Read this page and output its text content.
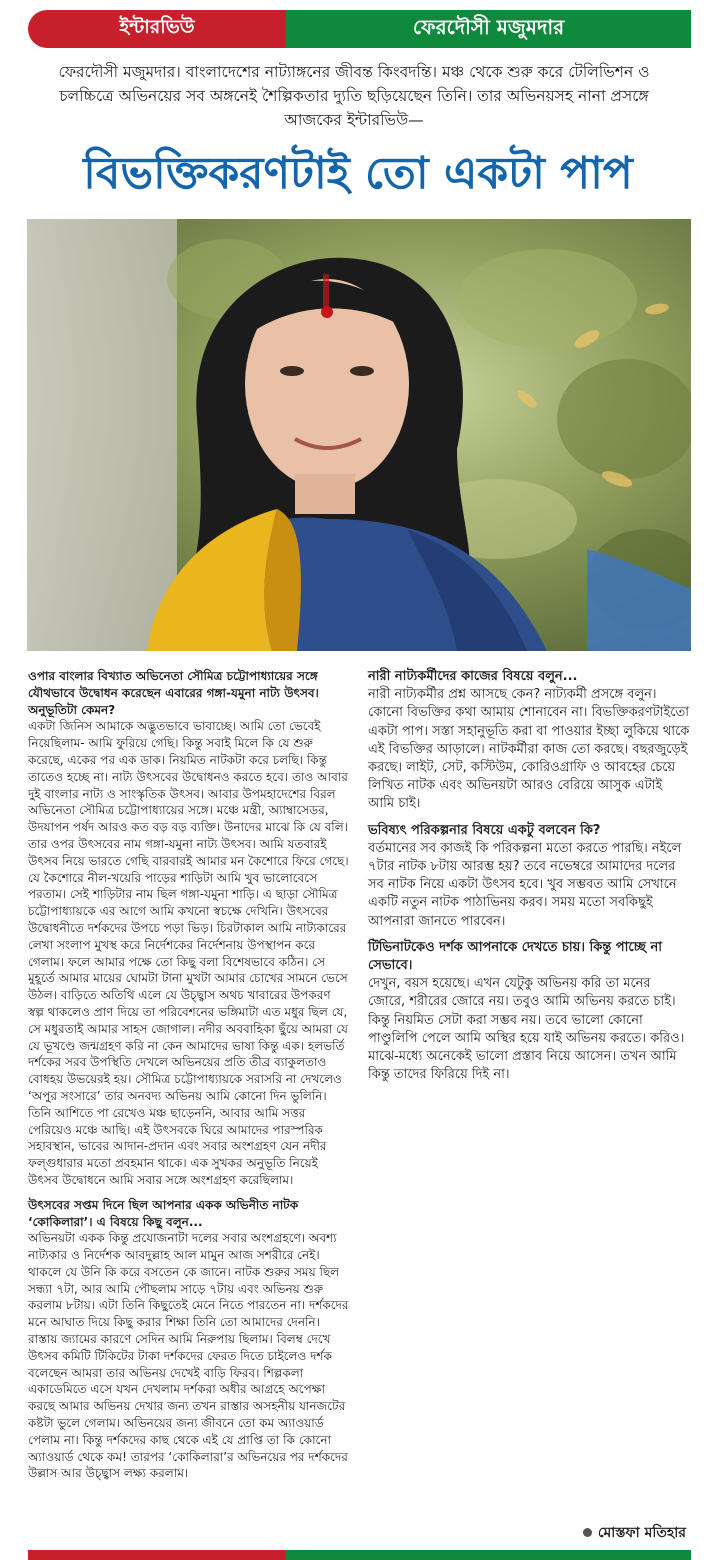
ইন্টারভিউ	ফেরদৌসী মজুমদার
ফেরদৌসী মজুমদার। বাংলাদেশের নাট্যাঙ্গনের জীবন্ত কিংবদন্তি। মঞ্চ থেকে শুরু করে টেলিভিশন ও চলচ্চিত্রে অভিনয়ের সব অঙ্গনেই শৈল্পিকতার দ্যুতি ছড়িয়েছেন তিনি। তার অভিনয়সহ নানা প্রসঙ্গে আজকের ইন্টারভিউ—
বিভক্তিকরণটাই তো একটা পাপ

ওপার বাংলার বিখ্যাত অভিনেতা সৌমিত্র চট্টোপাধ্যায়ের সঙ্গে যৌথভাবে উদ্বোধন করেছেন এবারের গঙ্গা-যমুনা নাট্য উৎসব। অনুভূতিটা কেমন?

একটা জিনিস আমাকে অদ্ভুতভাবে ভাবাচ্ছে। আমি তো ভেবেই নিয়েছিলাম- আমি ফুরিয়ে গেছি। কিন্তু সবাই মিলে কি যে শুরু করেছে, একের পর এক ডাক। নিয়মিত নাটকটা করে চলছি। কিন্তু তাতেও হচ্ছে না। নাট্য উৎসবের উদ্বোধনও করতে হবে। তাও আবার দুই বাংলার নাট্য ও সাংস্কৃতিক উৎসব। আবার উপমহাদেশের বিরল অভিনেতা সৌমিত্র চট্টোপাধ্যায়ের সঙ্গে। মঞ্চে মন্ত্রী, অ্যাম্বাসেডর, উদযাপন পর্ষদ আরও কত বড় বড় ব্যক্তি। উনাদের মাঝে কি যে বলি। তার ওপর উৎসবের নাম গঙ্গা-যমুনা নাট্য উৎসব। আমি যতবারই উৎসব নিয়ে ভারতে গেছি বারবারই আমার মন কৈশোরে ফিরে গেছে। যে কৈশোরে নীল-খয়েরি পাড়ের শাড়িটা আমি খুব ভালোবেসে পরতাম। সেই শাড়িটার নাম ছিল গঙ্গা-যমুনা শাড়ি। এ ছাড়া সৌমিত্র চট্টোপাধ্যায়কে এর আগে আমি কখনো স্বচক্ষে দেখিনি। উৎসবের উদ্বোধনীতে দর্শকদের উপচে পড়া ভিড়। চিরটাকাল আমি নাট্যকারের লেখা সংলাপ মুখস্থ করে নির্দেশকের নির্দেশনায় উপস্থাপন করে গেলাম। ফলে আমার পক্ষে তো কিছু বলা বিশেষভাবে কঠিন। সে মুহূর্তে আমার মায়ের ঘোমটা টানা মুখটা আমার চোখের সামনে ভেসে উঠল। বাড়িতে অতিথি এলে যে উচ্ছ্বাস অথচ খাবারের উপকরণ স্বল্প থাকলেও প্রাণ দিয়ে তা পরিবেশনের ভঙ্গিমাটা এত মধুর ছিল যে, সে মধুরতাই আমার সাহস জোগাল। নদীর অববাহিকা ছুঁয়ে আমরা যে যে ভূখণ্ডে জন্মগ্রহণ করি না কেন আমাদের ভাষা কিন্তু এক। হলভর্তি দর্শকের সরব উপস্থিতি দেখলে অভিনয়ের প্রতি তীব্র ব্যাকুলতাও বোধহয় উভয়েরই হয়। সৌমিত্র চট্টোপাধ্যায়কে সরাসরি না দেখলেও ‘অপুর সংসারে’ তার অনবদ্য অভিনয় আমি কোনো দিন ভুলিনি। তিনি আশিতে পা রেখেও মঞ্চ ছাড়েননি, আবার আমি সত্তর পেরিয়েও মঞ্চে আছি। এই উৎসবকে ঘিরে আমাদের পারস্পরিক সহাবস্থান, ভাবের আদান-প্রদান এবং সবার অংশগ্রহণ যেন নদীর ফল্গুধারার মতো প্রবহমান থাকে। এক সুখকর অনুভূতি নিয়েই উৎসব উদ্বোধনে আমি সবার সঙ্গে অংশগ্রহণ করেছিলাম।

উৎসবের সপ্তম দিনে ছিল আপনার একক অভিনীত নাটক ‘কোকিলারা’। এ বিষয়ে কিছু বলুন...

অভিনয়টা একক কিন্তু প্রযোজনাটা দলের সবার অংশগ্রহণে। অবশ্য নাট্যকার ও নির্দেশক আবদুল্লাহ আল মামুন আজ সশরীরে নেই। থাকলে যে উনি কি করে বসতেন কে জানে। নাটক শুরুর সময় ছিল সন্ধ্যা ৭টা, আর আমি পৌছলাম সাড়ে ৭টায় এবং অভিনয় শুরু করলাম ৮টায়। এটা তিনি কিছুতেই মেনে নিতে পারতেন না। দর্শকদের মনে আঘাত দিয়ে কিছু করার শিক্ষা তিনি তো আমাদের দেননি। রাস্তায় জ্যামের কারণে সেদিন আমি নিরুপায় ছিলাম। বিলম্ব দেখে উৎসব কমিটি টিকিটের টাকা দর্শকদের ফেরত দিতে চাইলেও দর্শক বলেছেন আমরা তার অভিনয় দেখেই বাড়ি ফিরব। শিল্পকলা একাডেমিতে এসে যখন দেখলাম দর্শকরা অধীর আগ্রহে অপেক্ষা করছে আমার অভিনয় দেখার জন্য তখন রাস্তার অসহনীয় যানজটের কষ্টটা ভুলে গেলাম। অভিনয়ের জন্য জীবনে তো কম অ্যাওয়ার্ড পেলাম না। কিন্তু দর্শকদের কাছ থেকে এই যে প্রাপ্তি তা কি কোনো অ্যাওয়ার্ড থেকে কম! তারপর ‘কোকিলারা’র অভিনয়ের পর দর্শকদের উল্লাস আর উচ্ছ্বাস লক্ষ্য করলাম।

নারী নাট্যকর্মীদের কাজের বিষয়ে বলুন...

নারী নাট্যকর্মীর প্রশ্ন আসছে কেন? নাট্যকর্মী প্রসঙ্গে বলুন। কোনো বিভক্তির কথা আমায় শোনাবেন না। বিভক্তিকরণটাইতো একটা পাপ। সস্তা সহানুভূতি করা বা পাওয়ার ইচ্ছা লুকিয়ে থাকে এই বিভক্তির আড়ালে। নাটকর্মীরা কাজ তো করছে। বছরজুড়েই করছে। লাইট, সেট, কস্টিউম, কোরিওগ্রাফি ও আবহের চেয়ে লিখিত নাটক এবং অভিনয়টা আরও বেরিয়ে আসুক এটাই আমি চাই।

ভবিষ্যৎ পরিকল্পনার বিষয়ে একটু বলবেন কি?

বর্তমানের সব কাজই কি পরিকল্পনা মতো করতে পারছি। নইলে ৭টার নাটক ৮টায় আরম্ভ হয়? তবে নভেম্বরে আমাদের দলের সব নাটক নিয়ে একটা উৎসব হবে। খুব সম্ভবত আমি সেখানে একটি নতুন নাটক পাঠাভিনয় করব। সময় মতো সবকিছুই আপনারা জানতে পারবেন।

টিভিনাটকেও দর্শক আপনাকে দেখতে চায়। কিন্তু পাচ্ছে না সেভাবে।

দেখুন, বয়স হয়েছে। এখন যেটুকু অভিনয় করি তা মনের জোরে, শরীরের জোরে নয়। তবুও আমি অভিনয় করতে চাই। কিন্তু নিয়মিত সেটা করা সম্ভব নয়। তবে ভালো কোনো পাণ্ডুলিপি পেলে আমি অস্থির হয়ে যাই অভিনয় করতে। করিও। মাঝে-মধ্যে অনেকেই ভালো প্রস্তাব নিয়ে আসেন। তখন আমি কিন্তু তাদের ফিরিয়ে দিই না।

মোস্তফা মতিহার
